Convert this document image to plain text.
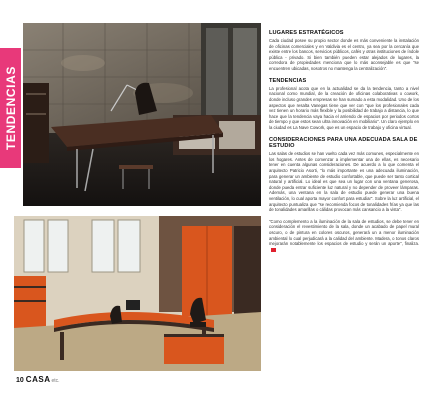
TENDENCIAS
LUGARES ESTRATÉGICOS

Cada ciudad posee su propio sector donde es más conveniente la instalación de oficinas comerciales y en Valdivia es el centro, ya sea por la cercanía que existe entre los bancos, servicios públicos, cafés y otras instituciones de índole pública - privado. Si bien también pueden estar alejados de lugares, la corredora de propiedades menciona que lo más aconsejable es que "se encuentren ubicadas, nosotros no mantenga la centralización".

TENDENCIAS

La profesional acota que en la actualidad se da la tendencia, tanto a nivel nacional como mundial, de la creación de oficinas colaborativas o cowork, donde incluso grandes empresas se han sumado a esta modalidad. Uno de los aspectos que resalta Vanegas tiene que ver con "que los profesionales cada vez tienen un horario más flexible y la posibilidad de trabajo a distancia, lo que hace que la tendencia vaya hacia el arriendo de espacios por periodos cortos de tiempo y que estos sean ultra innovación en mobiliario". Un claro ejemplo en la ciudad es La Nave Cowork, que es un espacio de trabajo y oficina virtual.

CONSIDERACIONES PARA UNA ADECUADA SALA DE ESTUDIO

Las salas de estudios se han vuelto cada vez más comunes, especialmente en los hogares. Antes de comenzar a implementar una de ellas, es necesario tener en cuenta algunas consideraciones. De acuerdo a lo que comenta el arquitecto Patricio Asorti, "lo más importante es una adecuada iluminación, para generar un ambiente de estudio confortable, que puede ser tanto cortical natural y artificial. Lo ideal es que sea un lugar con una ventana generosa, donde pueda entrar suficiente luz natural y no depender de proveer lámparas. Además, una ventana en la sala de estudio puede generar una buena ventilación, lo cual aporta mayor confort para estudiar". Sobre la luz artificial, el arquitecto puntualiza que "se recomienda focos de tonalidades frías ya que las de tonalidades amarillas o cálidas provocan más cansancio a la vista".

"Como complemento a la iluminación de la sala de estudios, se debe tener en consideración el revestimiento de la sala, donde un acabado de papel mural oscuro, o de pintura en colores oscuros, generará un a menor iluminación ambiental lo cual perjudicará a la calidad del ambiente. Madera, o tonos claros mejorarán notablemente los espacios de estudio y serán un aporte", finaliza.

10 CASA etc.
